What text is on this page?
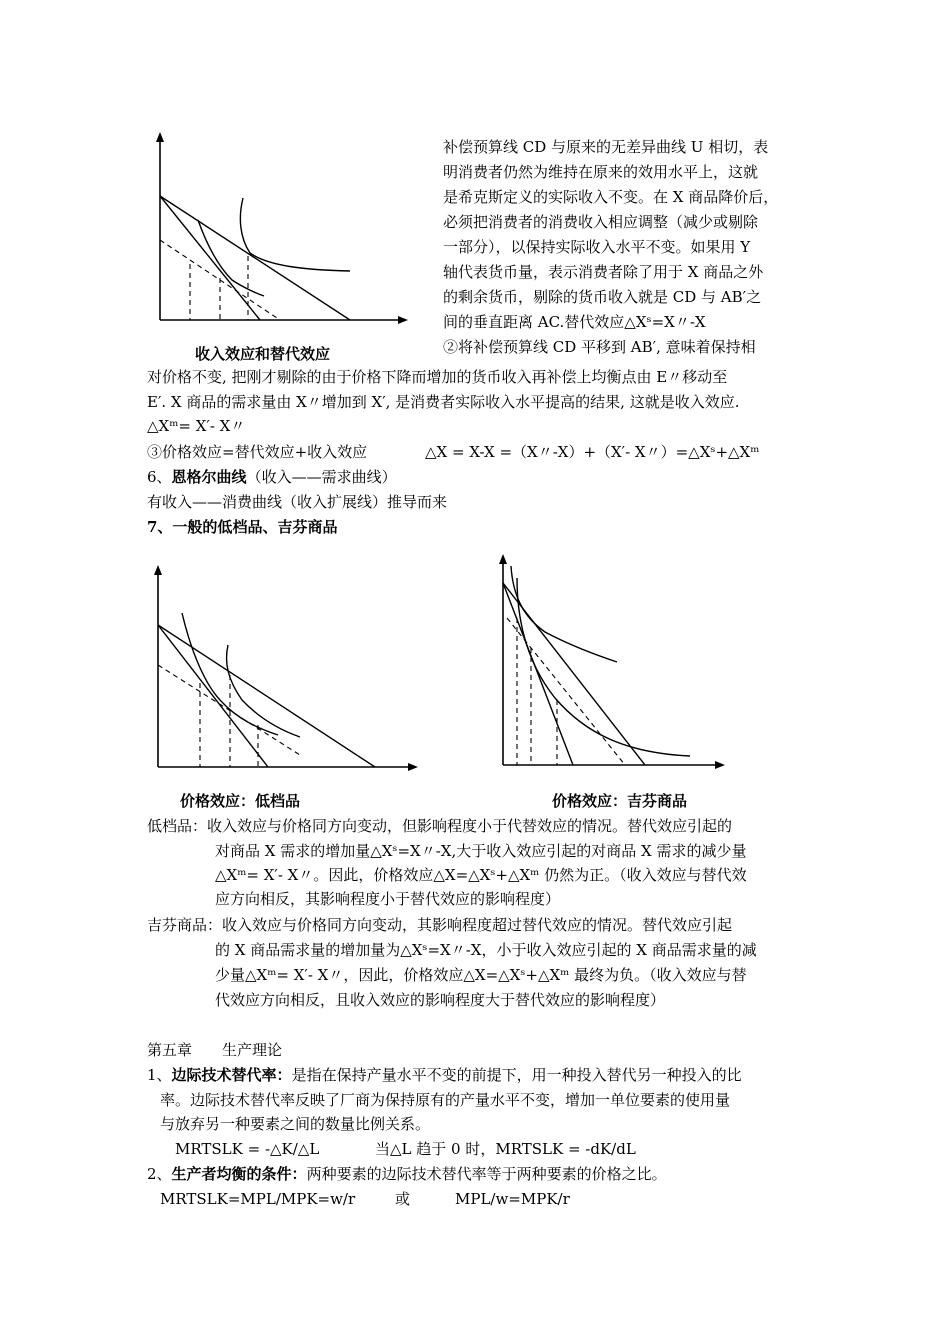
收入效应和替代效应
补偿预算线 CD 与原来的无差异曲线 U 相切，表
明消费者仍然为维持在原来的效用水平上，这就
是希克斯定义的实际收入不变。在 X 商品降价后，
必须把消费者的消费收入相应调整（减少或剔除
一部分），以保持实际收入水平不变。如果用 Y
轴代表货币量，表示消费者除了用于 X 商品之外
的剩余货币，剔除的货币收入就是 CD 与 AB′之
间的垂直距离 AC.替代效应△Xˢ=X〃-X
②将补偿预算线 CD 平移到 AB′, 意味着保持相
对价格不变, 把刚才剔除的由于价格下降而增加的货币收入再补偿上均衡点由 E〃移动至
E′. X 商品的需求量由 X〃增加到 X′, 是消费者实际收入水平提高的结果, 这就是收入效应.
△Xᵐ= X′- X〃
③价格效应=替代效应+收入效应	△X = X-X =（X〃-X）+（X′- X〃）=△Xˢ+△Xᵐ
6、恩格尔曲线（收入——需求曲线）
有收入——消费曲线（收入扩展线）推导而来
7、一般的低档品、吉芬商品
价格效应：低档品	价格效应：吉芬商品
低档品：收入效应与价格同方向变动，但影响程度小于代替效应的情况。替代效应引起的
对商品 X 需求的增加量△Xˢ=X〃-X,大于收入效应引起的对商品 X 需求的减少量
△Xᵐ= X′- X〃。因此，价格效应△X=△Xˢ+△Xᵐ 仍然为正。（收入效应与替代效
应方向相反，其影响程度小于替代效应的影响程度）
吉芬商品：收入效应与价格同方向变动，其影响程度超过替代效应的情况。替代效应引起
的 X 商品需求量的增加量为△Xˢ=X〃-X，小于收入效应引起的 X 商品需求量的减
少量△Xᵐ= X′- X〃，因此，价格效应△X=△Xˢ+△Xᵐ 最终为负。（收入效应与替
代效应方向相反，且收入效应的影响程度大于替代效应的影响程度）
第五章 生产理论
1、边际技术替代率：是指在保持产量水平不变的前提下，用一种投入替代另一种投入的比
率。边际技术替代率反映了厂商为保持原有的产量水平不变，增加一单位要素的使用量
与放弃另一种要素之间的数量比例关系。
MRTSLK = -△K/△L	当△L 趋于 0 时，MRTSLK = -dK/dL
2、生产者均衡的条件：两种要素的边际技术替代率等于两种要素的价格之比。
MRTSLK=MPL/MPK=w/r	或	MPL/w=MPK/r
